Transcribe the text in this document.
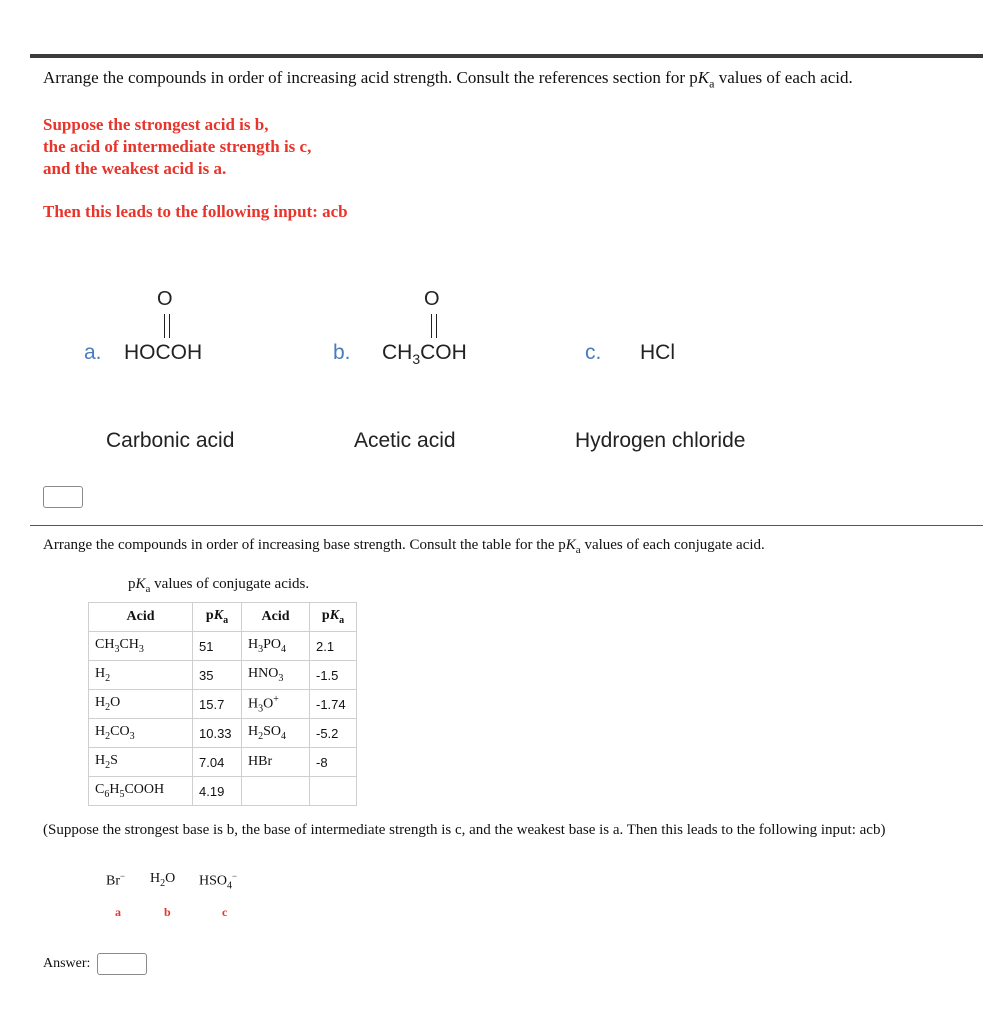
Arrange the compounds in order of increasing acid strength. Consult the references section for $pK_a$ values of each acid.
Suppose the strongest acid is b,
the acid of intermediate strength is c,
and the weakest acid is a.
Then this leads to the following input: acb
a.
O
HOCOH
Carbonic acid
b.
O
$CH_3COH$
Acetic acid
c. HCl
Hydrogen chloride
Arrange the compounds in order of increasing base strength. Consult the table for the $pK_a$ values of each conjugate acid.
$pK_a$ values of conjugate acids.
Acid	$pK_a$	Acid	$pK_a$
$CH_3CH_3$	51	$H_3PO_4$	2.1
$H_2$	35	$HNO_3$	-1.5
$H_2O$	15.7	$H_3O^+$	-1.74
$H_2CO_3$	10.33	$H_2SO_4$	-5.2
$H_2S$	7.04	HBr	-8
$C_6H_5COOH$	4.19		
(Suppose the strongest base is b, the base of intermediate strength is c, and the weakest base is a. Then this leads to the following input: acb)
Br− $H_2O$ $HSO_4^-$
a	b	c
Answer:
